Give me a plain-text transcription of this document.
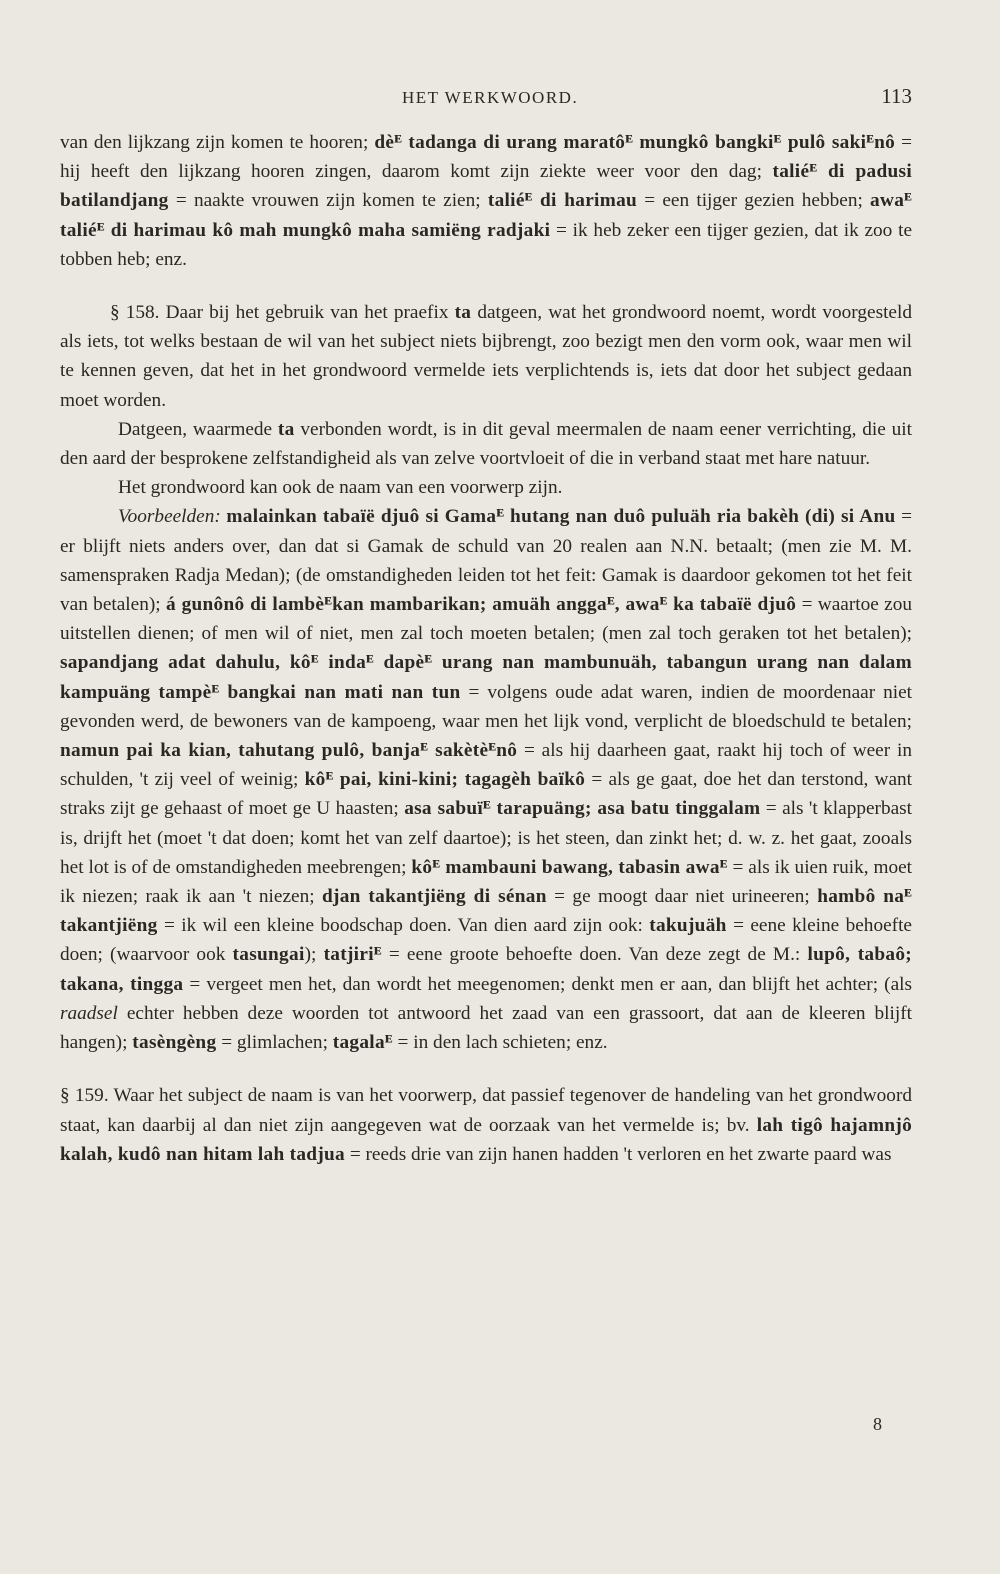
HET WERKWOORD.	113

van den lijkzang zijn komen te hooren; dèᴱ tadanga di urang maratôᴱ mungkô bangkiᴱ pulô sakiᴱnô = hij heeft den lijkzang hooren zingen, daarom komt zijn ziekte weer voor den dag; taliéᴱ di padusi batilandjang = naakte vrouwen zijn komen te zien; taliéᴱ di harimau = een tijger gezien hebben; awaᴱ taliéᴱ di harimau kô mah mungkô maha samiëng radjaki = ik heb zeker een tijger gezien, dat ik zoo te tobben heb; enz.

§ 158. Daar bij het gebruik van het praefix ta datgeen, wat het grondwoord noemt, wordt voorgesteld als iets, tot welks bestaan de wil van het subject niets bijbrengt, zoo bezigt men den vorm ook, waar men wil te kennen geven, dat het in het grondwoord vermelde iets verplichtends is, iets dat door het subject gedaan moet worden.

Datgeen, waarmede ta verbonden wordt, is in dit geval meermalen de naam eener verrichting, die uit den aard der besprokene zelfstandigheid als van zelve voortvloeit of die in verband staat met hare natuur.

Het grondwoord kan ook de naam van een voorwerp zijn.

Voorbeelden: malainkan tabaïë djuô si Gamaᴱ hutang nan duô puluäh ria bakèh (di) si Anu = er blijft niets anders over, dan dat si Gamak de schuld van 20 realen aan N.N. betaalt; (men zie M. M. samenspraken Radja Medan); (de omstandigheden leiden tot het feit: Gamak is daardoor gekomen tot het feit van betalen); á gunônô di lambèᴱkan mambarikan; amuäh anggaᴱ, awaᴱ ka tabaïë djuô = waartoe zou uitstellen dienen; of men wil of niet, men zal toch moeten betalen; (men zal toch geraken tot het betalen); sapandjang adat dahulu, kôᴱ indaᴱ dapèᴱ urang nan mambunuäh, tabangun urang nan dalam kampuäng tampèᴱ bangkai nan mati nan tun = volgens oude adat waren, indien de moordenaar niet gevonden werd, de bewoners van de kampoeng, waar men het lijk vond, verplicht de bloedschuld te betalen; namun pai ka kian, tahutang pulô, banjaᴱ sakètèᴱnô = als hij daarheen gaat, raakt hij toch of weer in schulden, 't zij veel of weinig; kôᴱ pai, kini-kini; tagagèh baïkô = als ge gaat, doe het dan terstond, want straks zijt ge gehaast of moet ge U haasten; asa sabuïᴱ tarapuäng; asa batu tinggalam = als 't klapperbast is, drijft het (moet 't dat doen; komt het van zelf daartoe); is het steen, dan zinkt het; d. w. z. het gaat, zooals het lot is of de omstandigheden meebrengen; kôᴱ mambauni bawang, tabasin awaᴱ = als ik uien ruik, moet ik niezen; raak ik aan 't niezen; djan takantjiëng di sénan = ge moogt daar niet urineeren; hambô naᴱ takantjiëng = ik wil een kleine boodschap doen. Van dien aard zijn ook: takujuäh = eene kleine behoefte doen; (waarvoor ook tasungai); tatjiriᴱ = eene groote behoefte doen. Van deze zegt de M.: lupô, tabaô; takana, tingga = vergeet men het, dan wordt het meegenomen; denkt men er aan, dan blijft het achter; (als raadsel echter hebben deze woorden tot antwoord het zaad van een grassoort, dat aan de kleeren blijft hangen); tasèngèng = glimlachen; tagalaᴱ = in den lach schieten; enz.

§ 159. Waar het subject de naam is van het voorwerp, dat passief tegenover de handeling van het grondwoord staat, kan daarbij al dan niet zijn aangegeven wat de oorzaak van het vermelde is; bv. lah tigô hajamnjô kalah, kudô nan hitam lah tadjua = reeds drie van zijn hanen hadden 't verloren en het zwarte paard was

8
